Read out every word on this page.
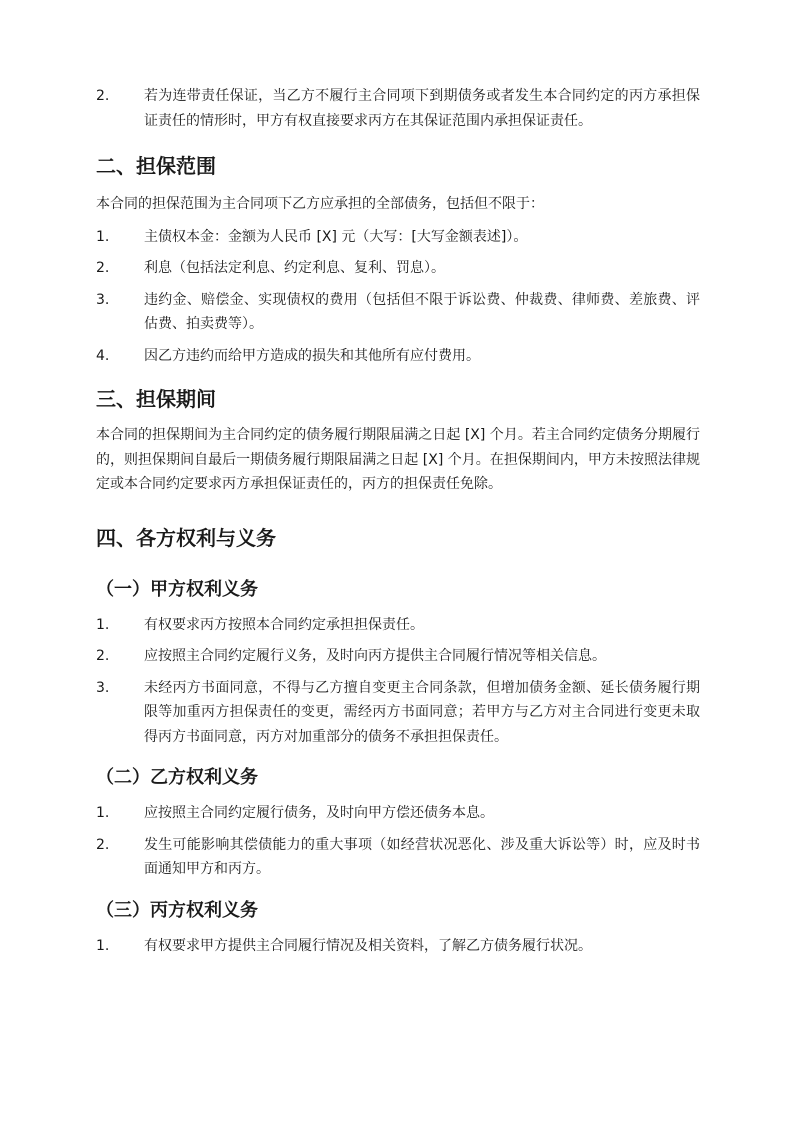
2.	若为连带责任保证，当乙方不履行主合同项下到期债务或者发生本合同约定的丙方承担保证责任的情形时，甲方有权直接要求丙方在其保证范围内承担保证责任。
二、担保范围

本合同的担保范围为主合同项下乙方应承担的全部债务，包括但不限于：

1.	主债权本金：金额为人民币 [X] 元（大写：[大写金额表述]）。
2.	利息（包括法定利息、约定利息、复利、罚息）。
3.	违约金、赔偿金、实现债权的费用（包括但不限于诉讼费、仲裁费、律师费、差旅费、评估费、拍卖费等）。
4.	因乙方违约而给甲方造成的损失和其他所有应付费用。
三、担保期间

本合同的担保期间为主合同约定的债务履行期限届满之日起 [X] 个月。若主合同约定债务分期履行的，则担保期间自最后一期债务履行期限届满之日起 [X] 个月。在担保期间内，甲方未按照法律规定或本合同约定要求丙方承担保证责任的，丙方的担保责任免除。

四、各方权利与义务
（一）甲方权利义务
1.	有权要求丙方按照本合同约定承担担保责任。
2.	应按照主合同约定履行义务，及时向丙方提供主合同履行情况等相关信息。
3.	未经丙方书面同意，不得与乙方擅自变更主合同条款，但增加债务金额、延长债务履行期限等加重丙方担保责任的变更，需经丙方书面同意；若甲方与乙方对主合同进行变更未取得丙方书面同意，丙方对加重部分的债务不承担担保责任。
（二）乙方权利义务
1.	应按照主合同约定履行债务，及时向甲方偿还债务本息。
2.	发生可能影响其偿债能力的重大事项（如经营状况恶化、涉及重大诉讼等）时，应及时书面通知甲方和丙方。
（三）丙方权利义务
1.	有权要求甲方提供主合同履行情况及相关资料，了解乙方债务履行状况。
